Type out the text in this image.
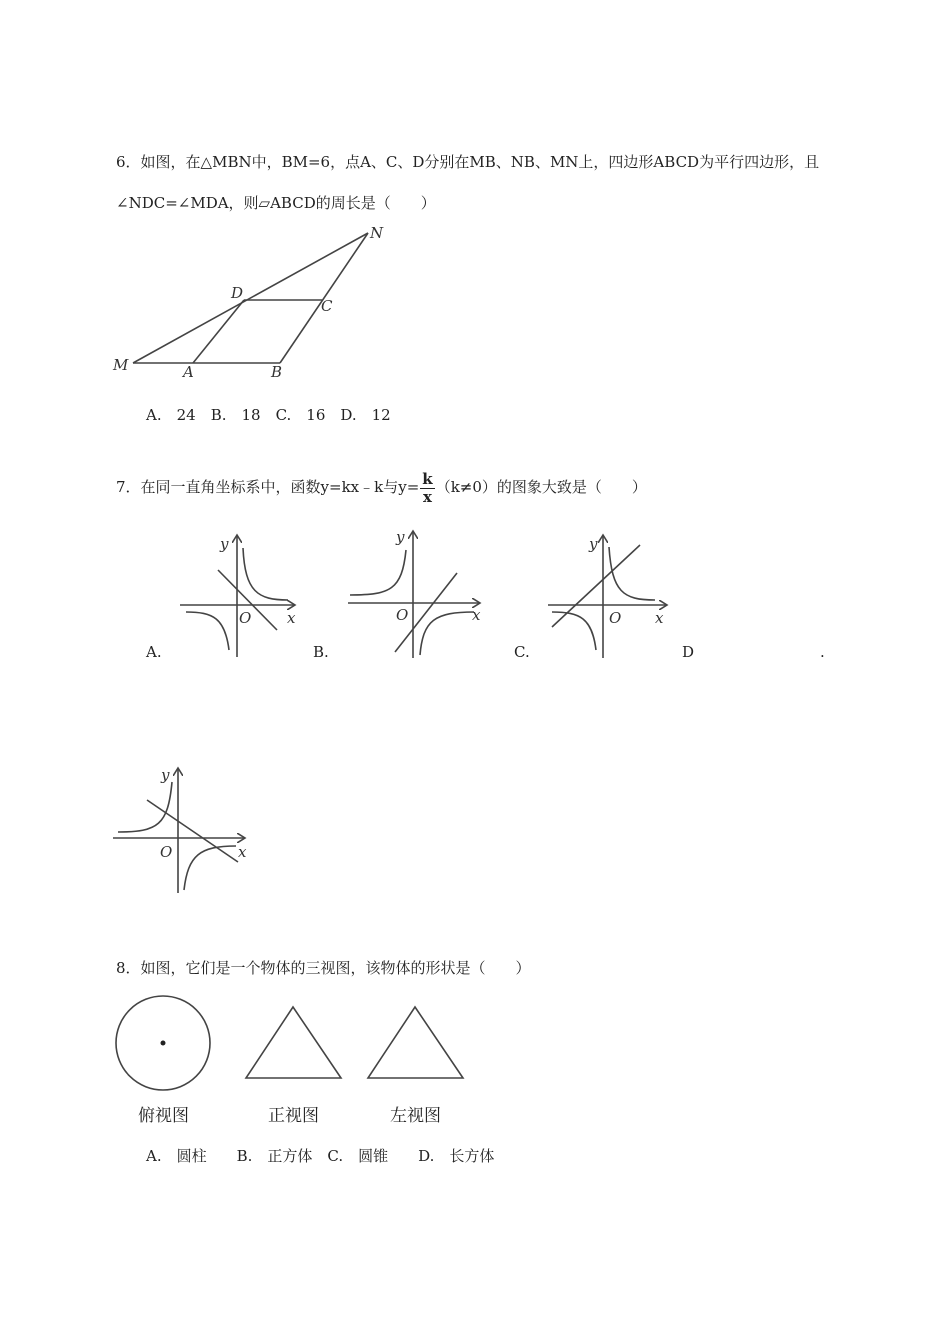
6．如图，在△MBN中，BM=6，点A、C、D分别在MB、NB、MN上，四边形ABCD为平行四边形，且
∠NDC=∠MDA，则▱ABCD的周长是（　　）
N
D
C
M	A	B
A.　24　B.　18　C.　16　D.　12
7．在同一直角坐标系中，函数y=kx﹣k与$y= \frac{k}{x} (k\ne 0)$的图象大致是（　　）
y
x
O
y
x
O
y
x
O
y
x
O
A.	B.	C.	D	.
8．如图，它们是一个物体的三视图，该物体的形状是（　　）
俯视图	正视图	左视图
A.　圆柱　　B.　正方体　C.　圆锥　　D.　长方体
